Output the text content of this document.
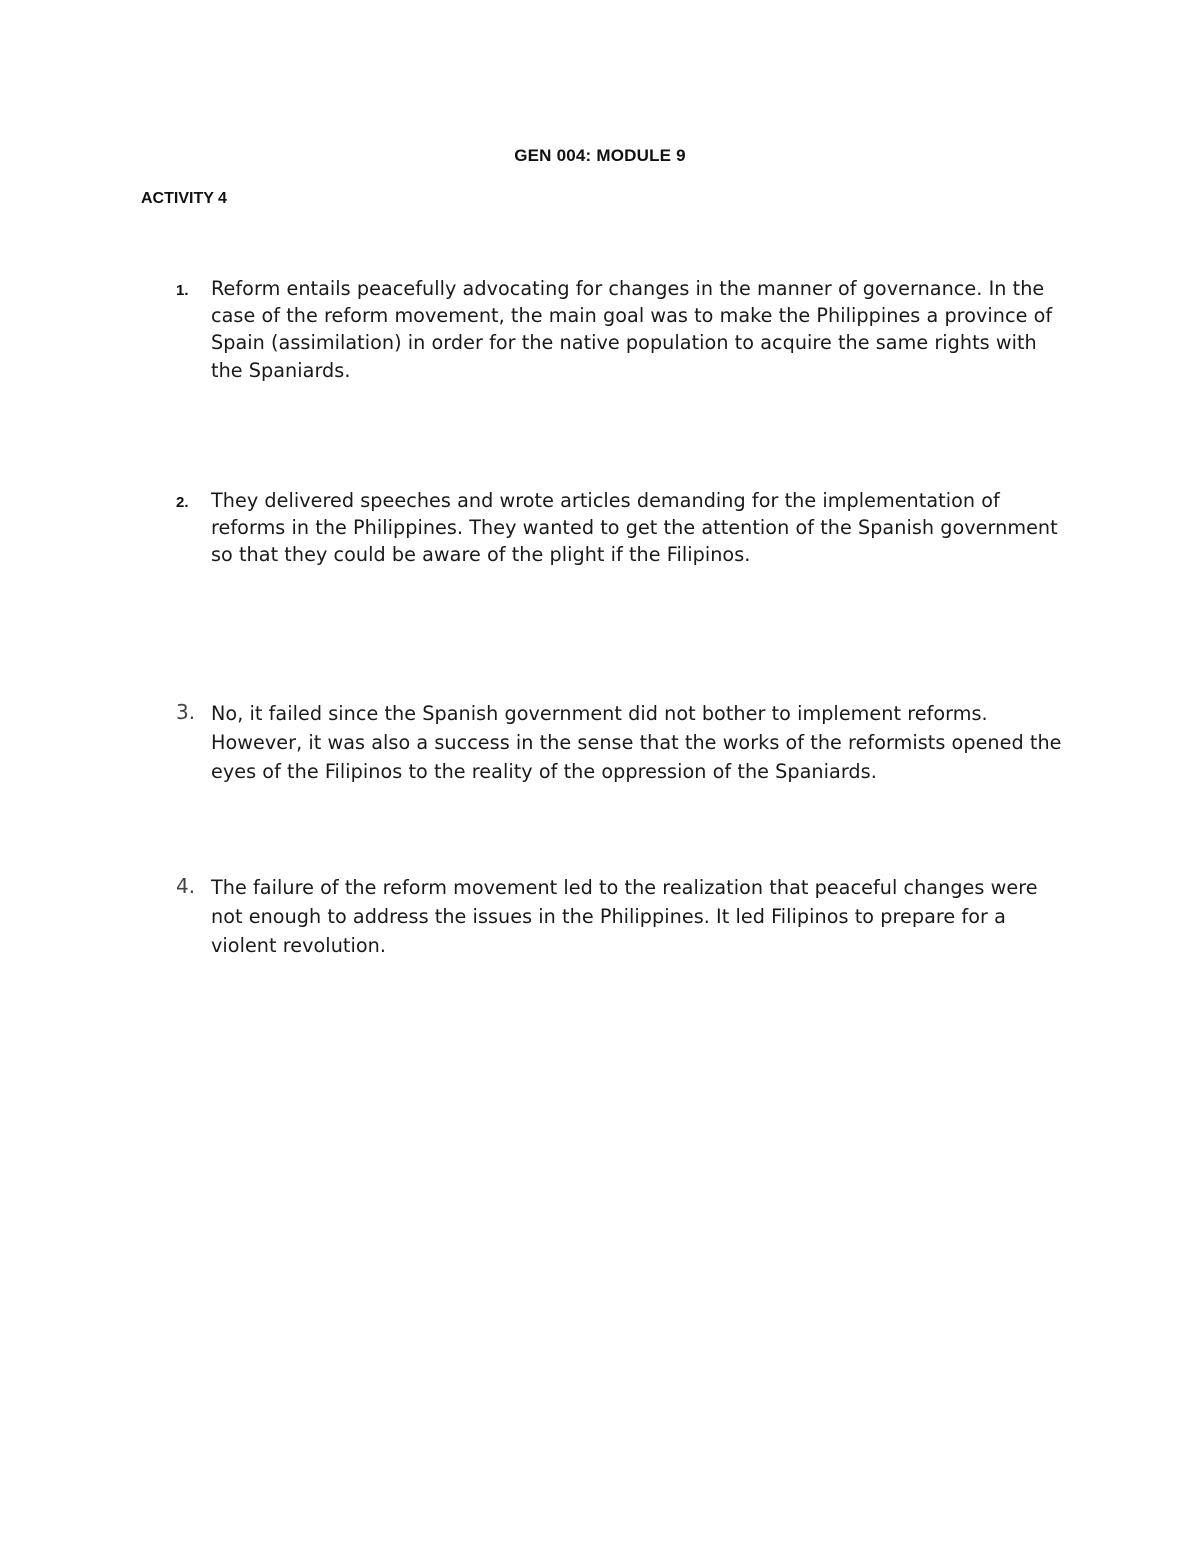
GEN 004: MODULE 9
ACTIVITY 4
1.	Reform entails peacefully advocating for changes in the manner of governance. In the case of the reform movement, the main goal was to make the Philippines a province of Spain (assimilation) in order for the native population to acquire the same rights with the Spaniards.
2.	They delivered speeches and wrote articles demanding for the implementation of reforms in the Philippines. They wanted to get the attention of the Spanish government so that they could be aware of the plight if the Filipinos.
3. No, it failed since the Spanish government did not bother to implement reforms. However, it was also a success in the sense that the works of the reformists opened the eyes of the Filipinos to the reality of the oppression of the Spaniards.
4. The failure of the reform movement led to the realization that peaceful changes were not enough to address the issues in the Philippines. It led Filipinos to prepare for a violent revolution.
